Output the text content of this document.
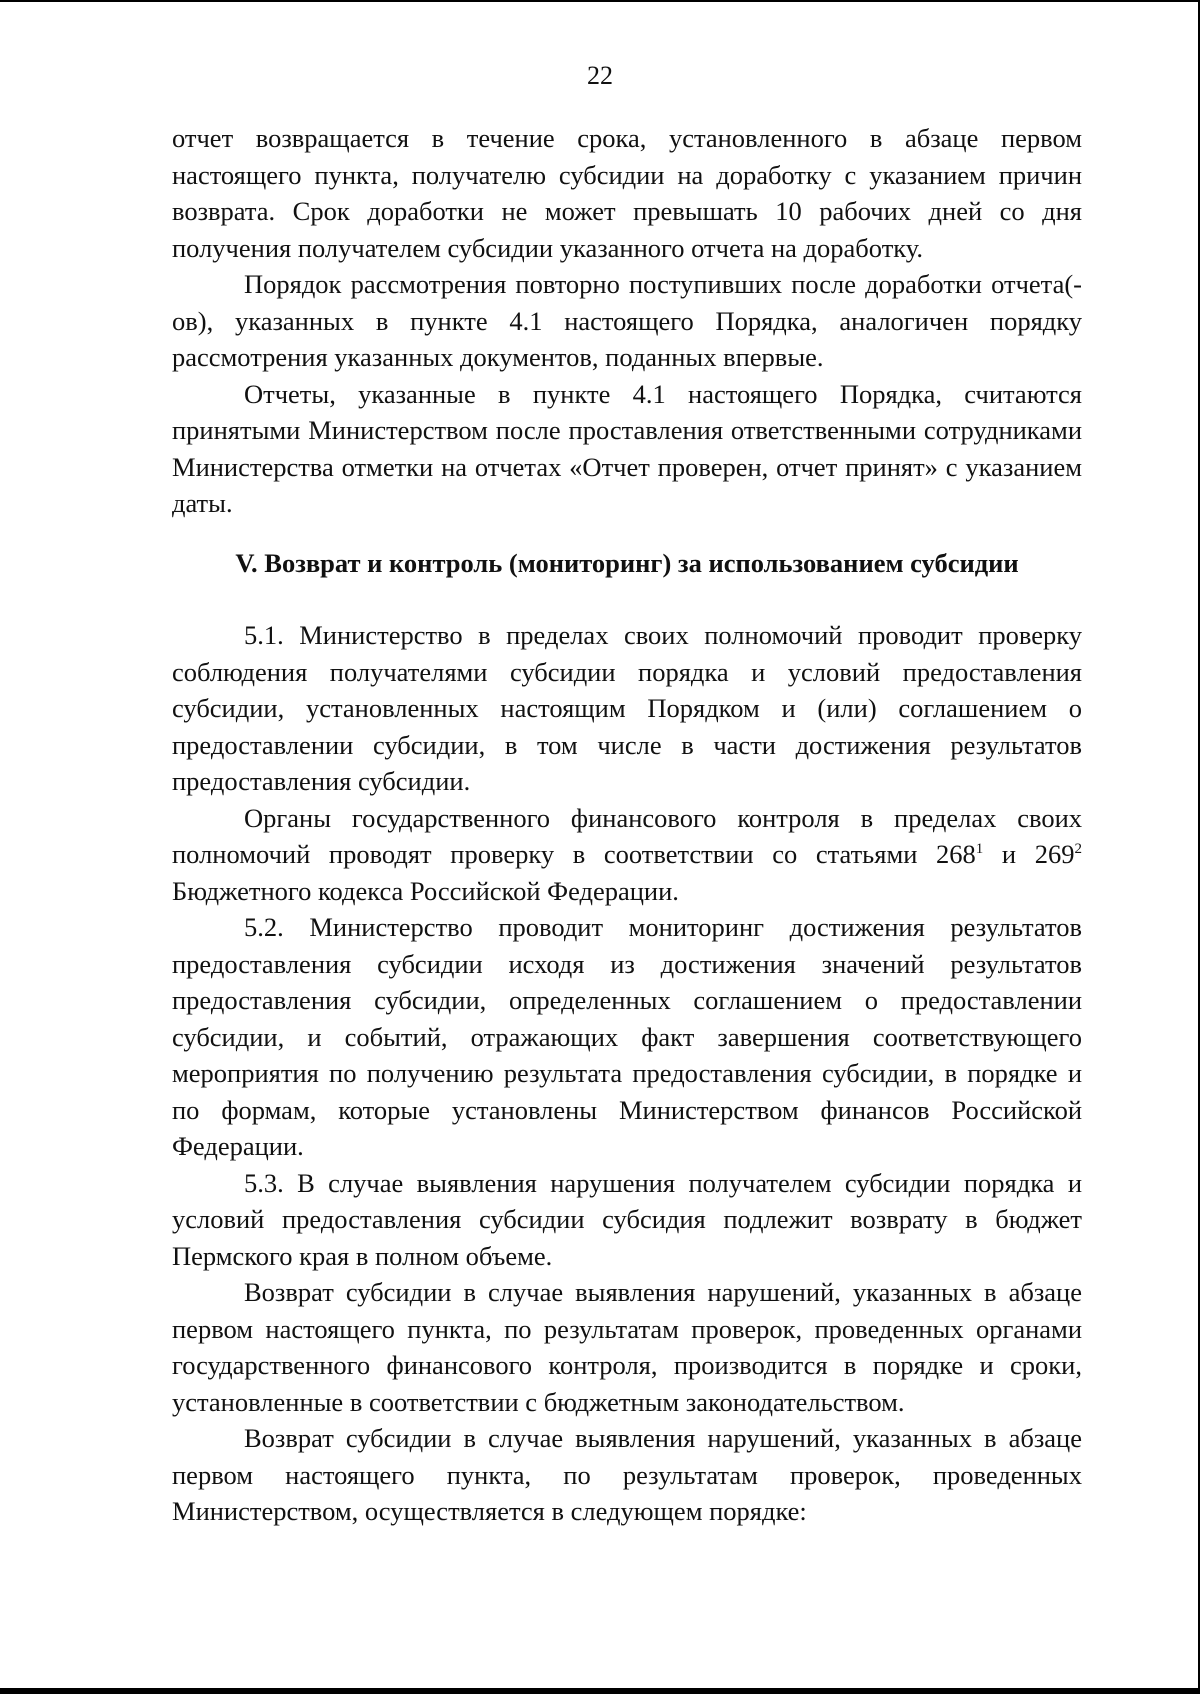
22

отчет возвращается в течение срока, установленного в абзаце первом настоящего пункта, получателю субсидии на доработку с указанием причин возврата. Срок доработки не может превышать 10 рабочих дней со дня получения получателем субсидии указанного отчета на доработку.

Порядок рассмотрения повторно поступивших после доработки отчета(-ов), указанных в пункте 4.1 настоящего Порядка, аналогичен порядку рассмотрения указанных документов, поданных впервые.

Отчеты, указанные в пункте 4.1 настоящего Порядка, считаются принятыми Министерством после проставления ответственными сотрудниками Министерства отметки на отчетах «Отчет проверен, отчет принят» с указанием даты.

V. Возврат и контроль (мониторинг) за использованием субсидии

5.1. Министерство в пределах своих полномочий проводит проверку соблюдения получателями субсидии порядка и условий предоставления субсидии, установленных настоящим Порядком и (или) соглашением о предоставлении субсидии, в том числе в части достижения результатов предоставления субсидии.

Органы государственного финансового контроля в пределах своих полномочий проводят проверку в соответствии со статьями $268^1$ и $269^2$ Бюджетного кодекса Российской Федерации.

5.2. Министерство проводит мониторинг достижения результатов предоставления субсидии исходя из достижения значений результатов предоставления субсидии, определенных соглашением о предоставлении субсидии, и событий, отражающих факт завершения соответствующего мероприятия по получению результата предоставления субсидии, в порядке и по формам, которые установлены Министерством финансов Российской Федерации.

5.3. В случае выявления нарушения получателем субсидии порядка и условий предоставления субсидии субсидия подлежит возврату в бюджет Пермского края в полном объеме.

Возврат субсидии в случае выявления нарушений, указанных в абзаце первом настоящего пункта, по результатам проверок, проведенных органами государственного финансового контроля, производится в порядке и сроки, установленные в соответствии с бюджетным законодательством.

Возврат субсидии в случае выявления нарушений, указанных в абзаце первом настоящего пункта, по результатам проверок, проведенных Министерством, осуществляется в следующем порядке:
